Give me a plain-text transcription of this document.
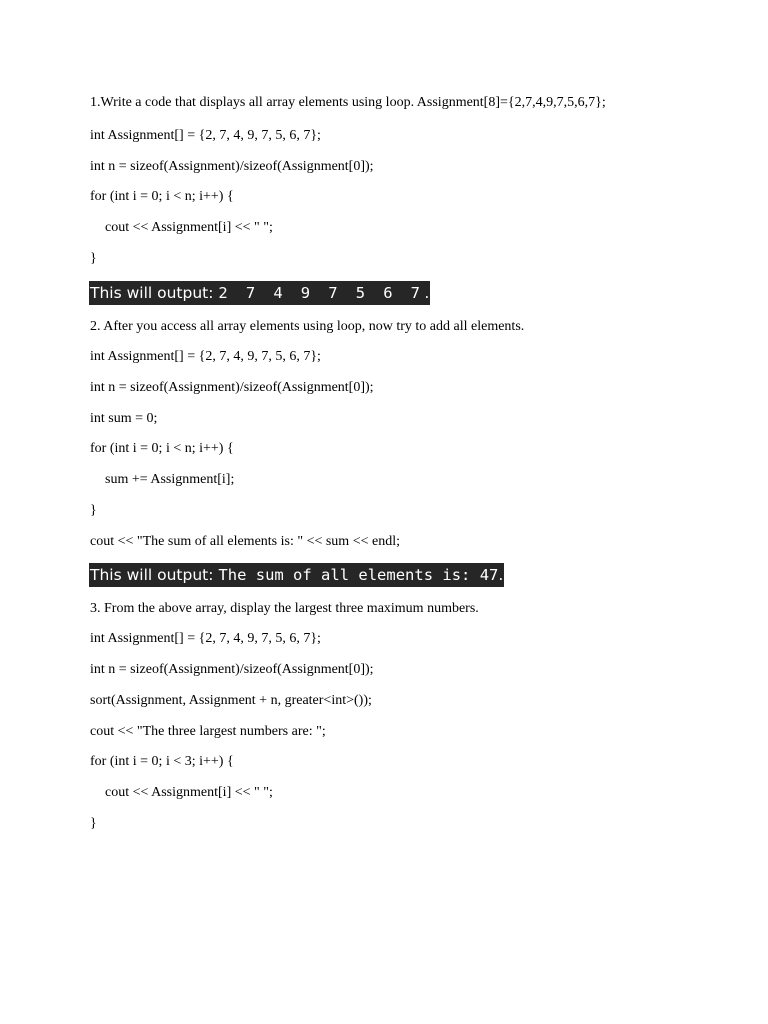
1.Write a code that displays all array elements using loop. Assignment[8]={2,7,4,9,7,5,6,7};
int Assignment[] = {2, 7, 4, 9, 7, 5, 6, 7};
int n = sizeof(Assignment)/sizeof(Assignment[0]);
for (int i = 0; i < n; i++) {
cout << Assignment[i] << " ";
}
This will output: 2 7 4 9 7 5 6 7.
2. After you access all array elements using loop, now try to add all elements.
int Assignment[] = {2, 7, 4, 9, 7, 5, 6, 7};
int n = sizeof(Assignment)/sizeof(Assignment[0]);
int sum = 0;
for (int i = 0; i < n; i++) {
sum += Assignment[i];
}
cout << "The sum of all elements is: " << sum << endl;
This will output: The sum of all elements is: 47.
3. From the above array, display the largest three maximum numbers.
int Assignment[] = {2, 7, 4, 9, 7, 5, 6, 7};
int n = sizeof(Assignment)/sizeof(Assignment[0]);
sort(Assignment, Assignment + n, greater<int>());
cout << "The three largest numbers are: ";
for (int i = 0; i < 3; i++) {
cout << Assignment[i] << " ";
}
